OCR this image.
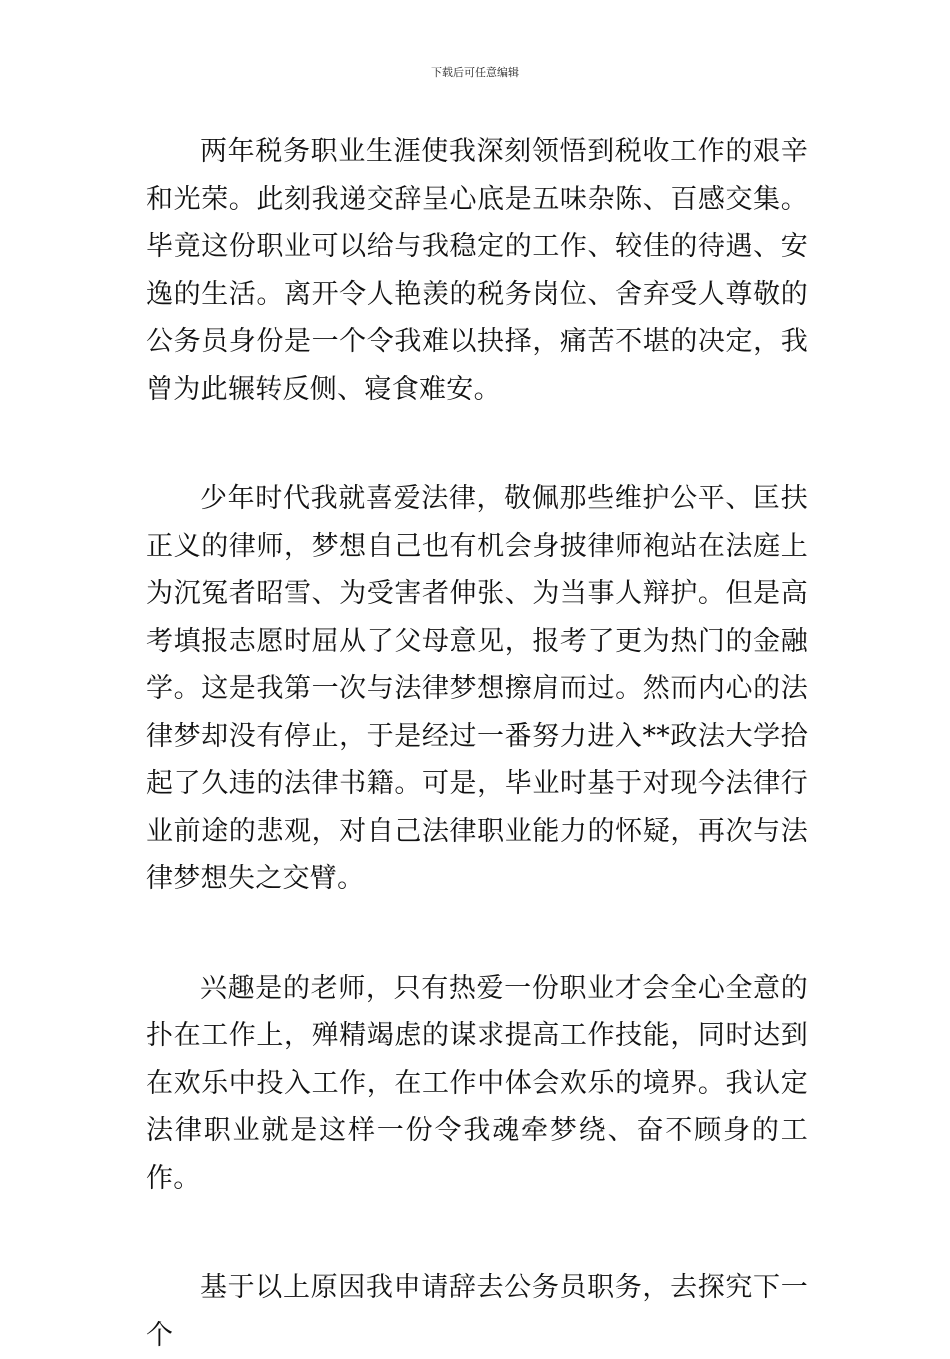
下载后可任意编辑

两年税务职业生涯使我深刻领悟到税收工作的艰辛和光荣。此刻我递交辞呈心底是五味杂陈、百感交集。毕竟这份职业可以给与我稳定的工作、较佳的待遇、安逸的生活。离开令人艳羡的税务岗位、舍弃受人尊敬的公务员身份是一个令我难以抉择，痛苦不堪的决定，我曾为此辗转反侧、寝食难安。

少年时代我就喜爱法律，敬佩那些维护公平、匡扶正义的律师，梦想自己也有机会身披律师袍站在法庭上为沉冤者昭雪、为受害者伸张、为当事人辩护。但是高考填报志愿时屈从了父母意见，报考了更为热门的金融学。这是我第一次与法律梦想擦肩而过。然而内心的法律梦却没有停止，于是经过一番努力进入**政法大学拾起了久违的法律书籍。可是，毕业时基于对现今法律行业前途的悲观，对自己法律职业能力的怀疑，再次与法律梦想失之交臂。

兴趣是的老师，只有热爱一份职业才会全心全意的扑在工作上，殚精竭虑的谋求提高工作技能，同时达到在欢乐中投入工作，在工作中体会欢乐的境界。我认定法律职业就是这样一份令我魂牵梦绕、奋不顾身的工作。

基于以上原因我申请辞去公务员职务，去探究下一个
